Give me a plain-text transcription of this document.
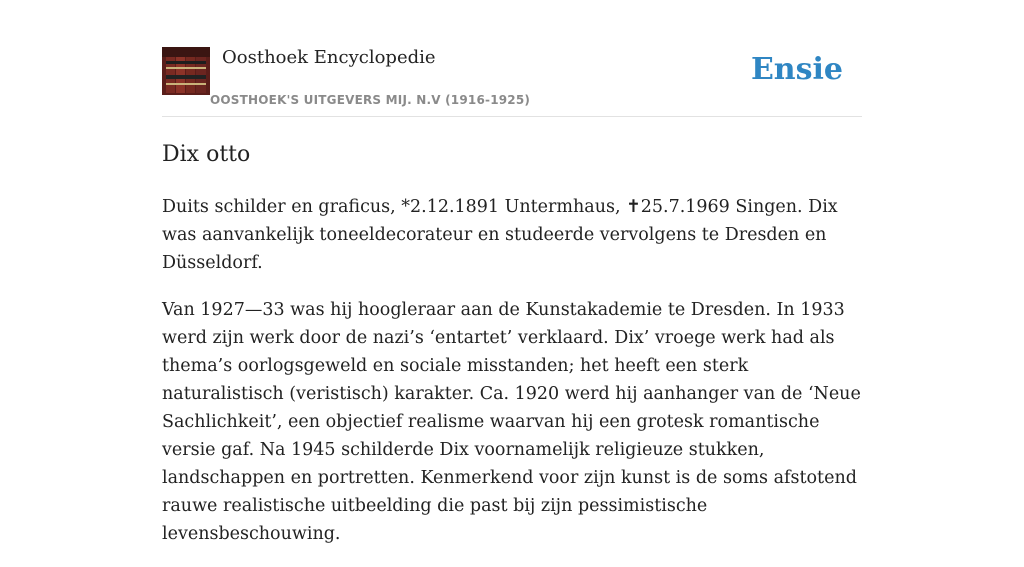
Oosthoek Encyclopedie
OOSTHOEK'S UITGEVERS MIJ. N.V (1916-1925)
Ensie
Dix otto

Duits schilder en graficus, *2.12.1891 Untermhaus, ✝25.7.1969 Singen. Dix was aanvankelijk toneeldecorateur en studeerde vervolgens te Dresden en Düsseldorf.

Van 1927—33 was hij hoogleraar aan de Kunstakademie te Dresden. In 1933 werd zijn werk door de nazi’s ‘entartet’ verklaard. Dix’ vroege werk had als thema’s oorlogsgeweld en sociale misstanden; het heeft een sterk naturalistisch (veristisch) karakter. Ca. 1920 werd hij aanhanger van de ‘Neue Sachlichkeit’, een objectief realisme waarvan hij een grotesk romantische versie gaf. Na 1945 schilderde Dix voornamelijk religieuze stukken, landschappen en portretten. Kenmerkend voor zijn kunst is de soms afstotend rauwe realistische uitbeelding die past bij zijn pessimistische levensbeschouwing.
